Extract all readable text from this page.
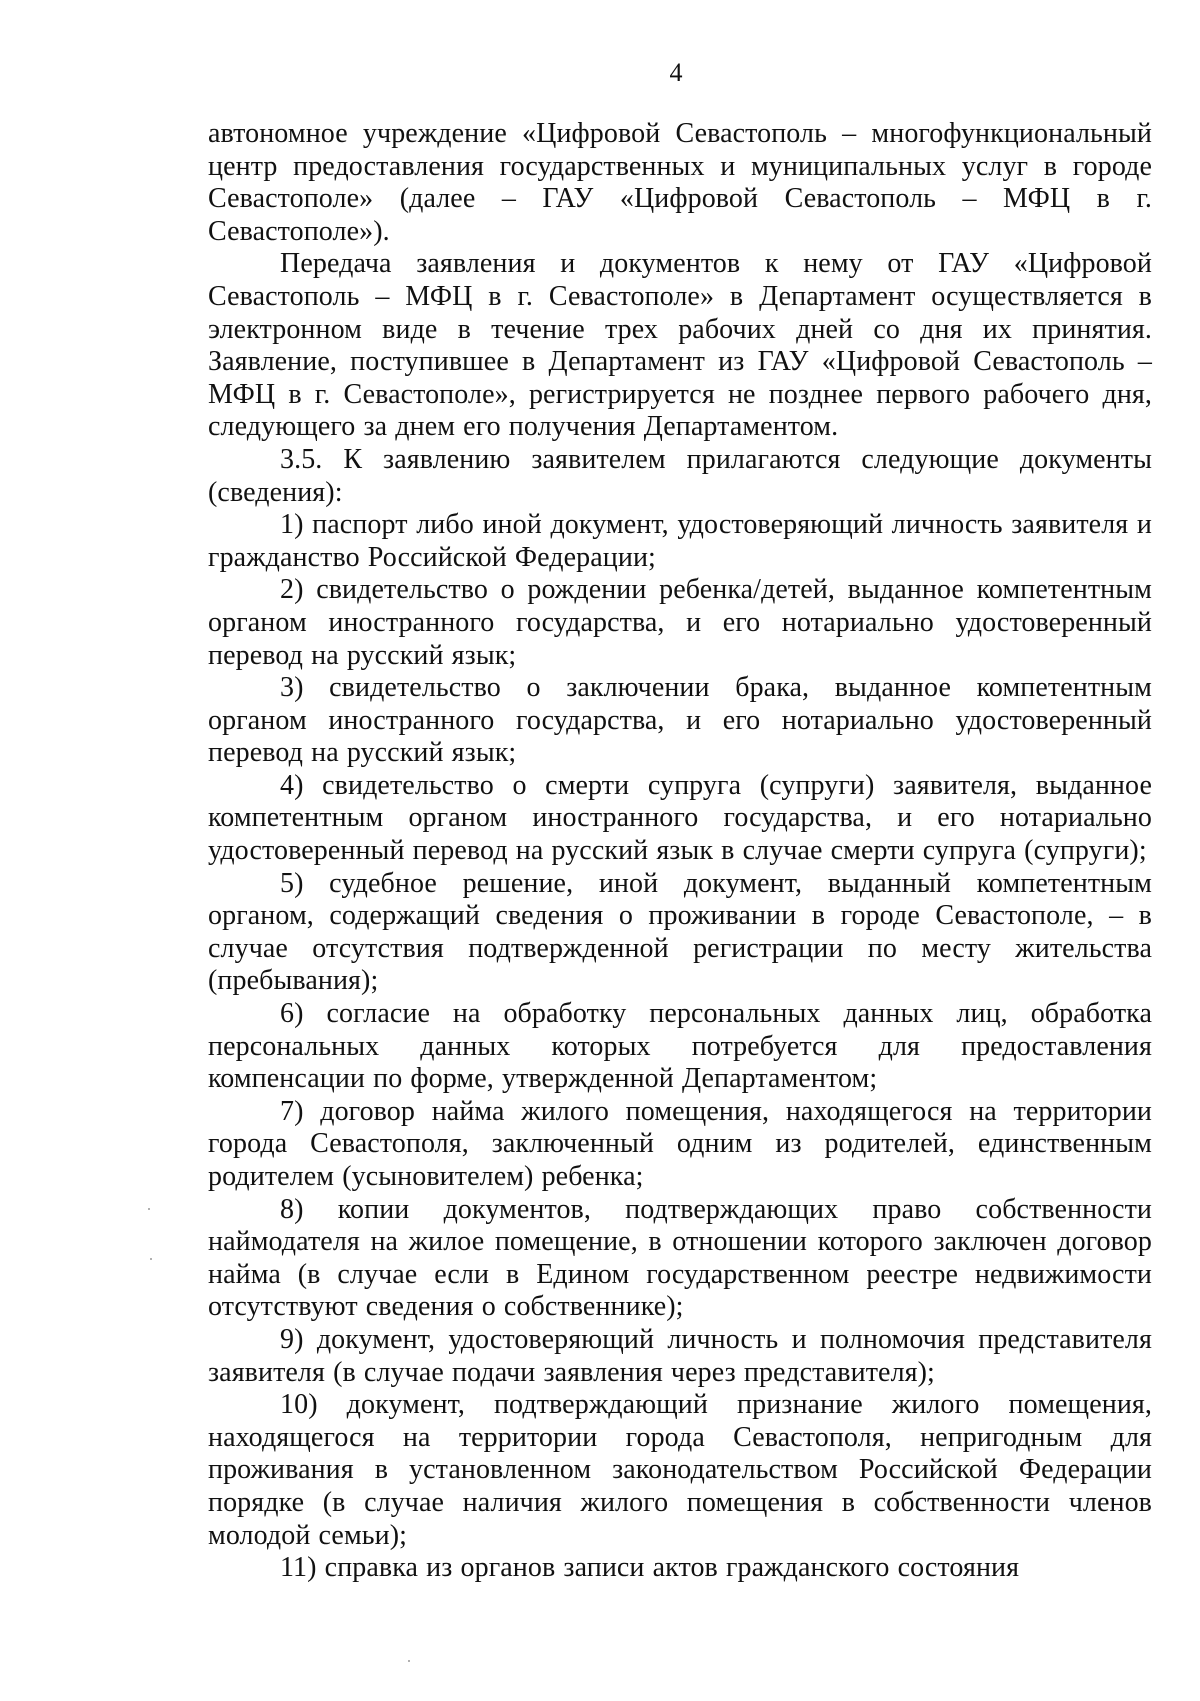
4

автономное учреждение «Цифровой Севастополь – многофункциональный центр предоставления государственных и муниципальных услуг в городе Севастополе» (далее – ГАУ «Цифровой Севастополь – МФЦ в г. Севастополе»).

Передача заявления и документов к нему от ГАУ «Цифровой Севастополь – МФЦ в г. Севастополе» в Департамент осуществляется в электронном виде в течение трех рабочих дней со дня их принятия. Заявление, поступившее в Департамент из ГАУ «Цифровой Севастополь – МФЦ в г. Севастополе», регистрируется не позднее первого рабочего дня, следующего за днем его получения Департаментом.

3.5. К заявлению заявителем прилагаются следующие документы (сведения):

1) паспорт либо иной документ, удостоверяющий личность заявителя и гражданство Российской Федерации;

2) свидетельство о рождении ребенка/детей, выданное компетентным органом иностранного государства, и его нотариально удостоверенный перевод на русский язык;

3) свидетельство о заключении брака, выданное компетентным органом иностранного государства, и его нотариально удостоверенный перевод на русский язык;

4) свидетельство о смерти супруга (супруги) заявителя, выданное компетентным органом иностранного государства, и его нотариально удостоверенный перевод на русский язык в случае смерти супруга (супруги);

5) судебное решение, иной документ, выданный компетентным органом, содержащий сведения о проживании в городе Севастополе, – в случае отсутствия подтвержденной регистрации по месту жительства (пребывания);

6) согласие на обработку персональных данных лиц, обработка персональных данных которых потребуется для предоставления компенсации по форме, утвержденной Департаментом;

7) договор найма жилого помещения, находящегося на территории города Севастополя, заключенный одним из родителей, единственным родителем (усыновителем) ребенка;

8) копии документов, подтверждающих право собственности наймодателя на жилое помещение, в отношении которого заключен договор найма (в случае если в Едином государственном реестре недвижимости отсутствуют сведения о собственнике);

9) документ, удостоверяющий личность и полномочия представителя заявителя (в случае подачи заявления через представителя);

10) документ, подтверждающий признание жилого помещения, находящегося на территории города Севастополя, непригодным для проживания в установленном законодательством Российской Федерации порядке (в случае наличия жилого помещения в собственности членов молодой семьи);

11) справка из органов записи актов гражданского состояния
